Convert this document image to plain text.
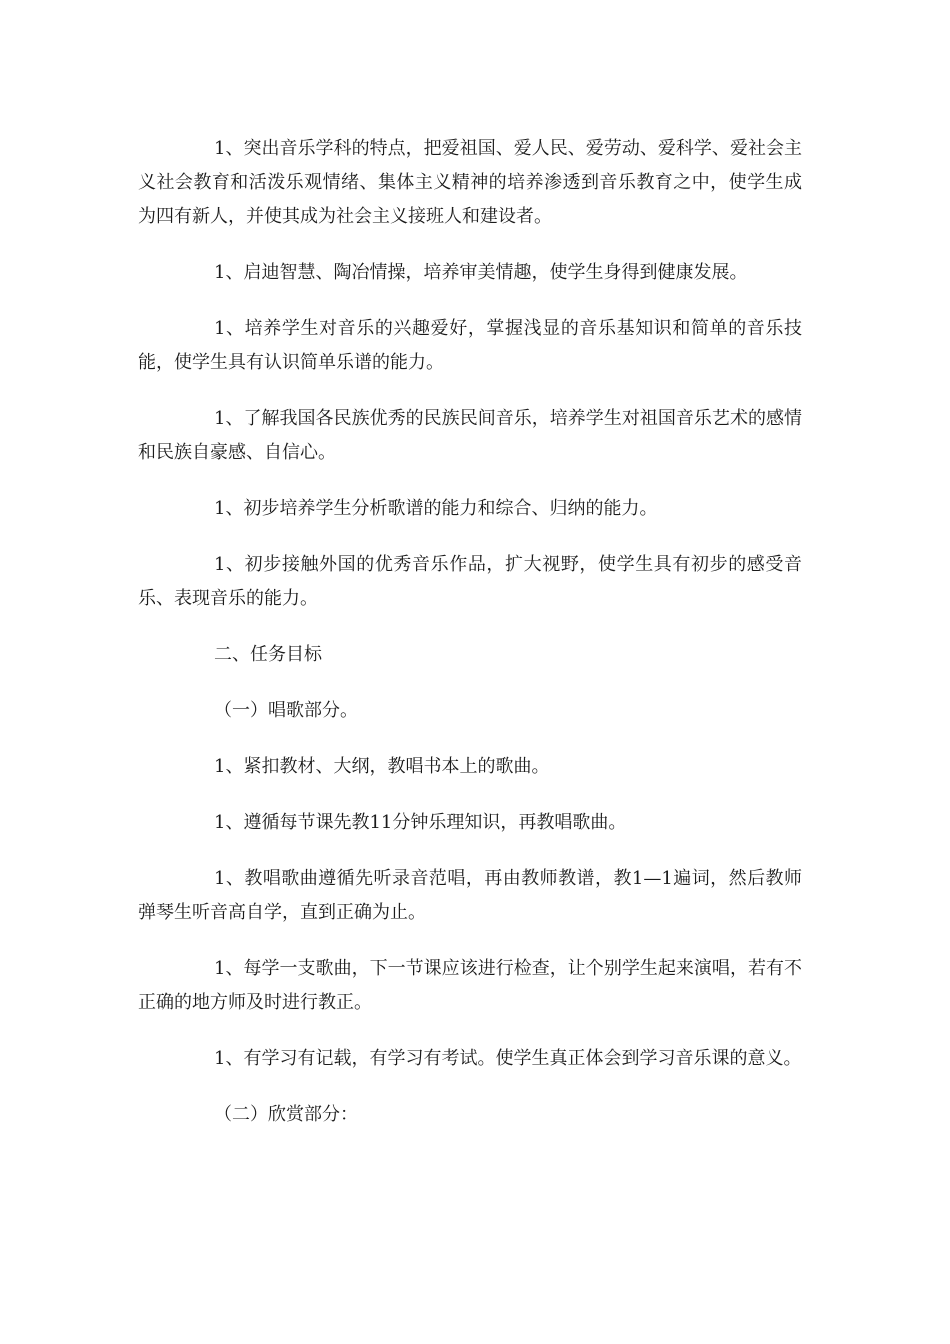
1、突出音乐学科的特点，把爱祖国、爱人民、爱劳动、爱科学、爱社会主义社会教育和活泼乐观情绪、集体主义精神的培养渗透到音乐教育之中，使学生成为四有新人，并使其成为社会主义接班人和建设者。

1、启迪智慧、陶冶情操，培养审美情趣，使学生身得到健康发展。

1、培养学生对音乐的兴趣爱好，掌握浅显的音乐基知识和简单的音乐技能，使学生具有认识简单乐谱的能力。

1、了解我国各民族优秀的民族民间音乐，培养学生对祖国音乐艺术的感情和民族自豪感、自信心。

1、初步培养学生分析歌谱的能力和综合、归纳的能力。

1、初步接触外国的优秀音乐作品，扩大视野，使学生具有初步的感受音乐、表现音乐的能力。

二、任务目标

（一）唱歌部分。

1、紧扣教材、大纲，教唱书本上的歌曲。

1、遵循每节课先教11分钟乐理知识，再教唱歌曲。

1、教唱歌曲遵循先听录音范唱，再由教师教谱，教1—1遍词，然后教师弹琴生听音高自学，直到正确为止。

1、每学一支歌曲，下一节课应该进行检查，让个别学生起来演唱，若有不正确的地方师及时进行教正。

1、有学习有记载，有学习有考试。使学生真正体会到学习音乐课的意义。

（二）欣赏部分：
